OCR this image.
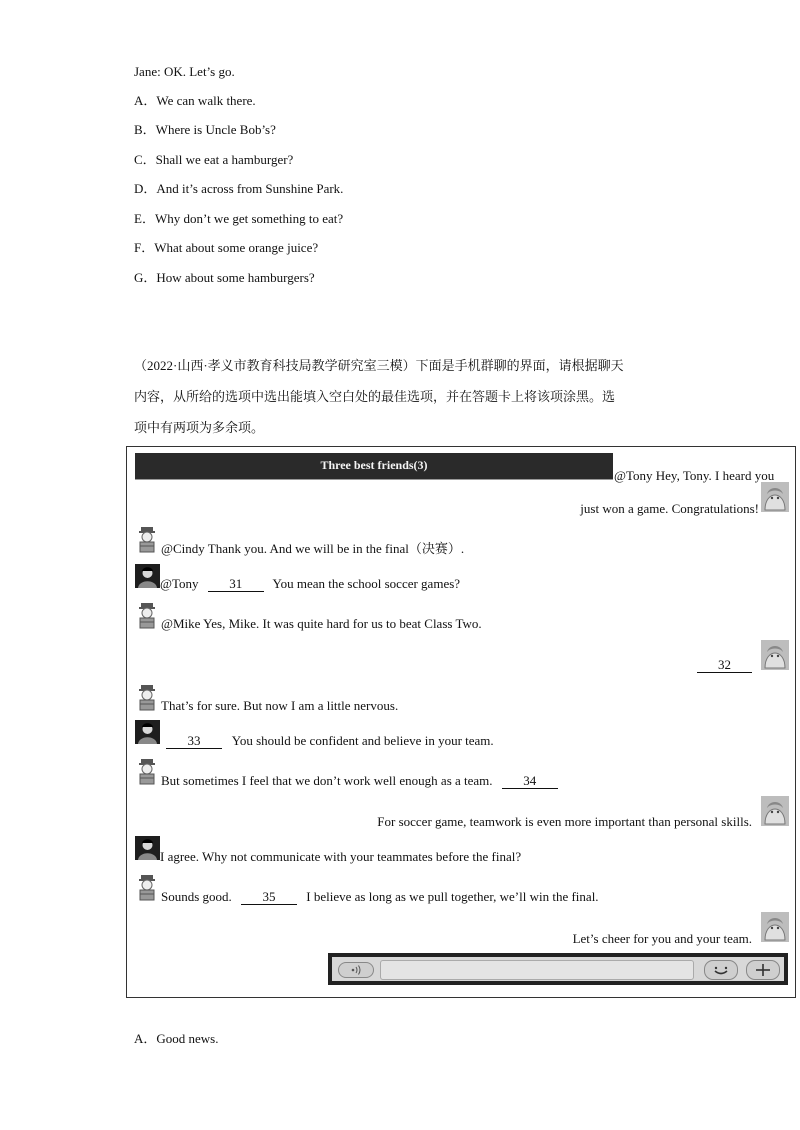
Jane: OK. Let’s go.
A．We can walk there.
B．Where is Uncle Bob’s?
C．Shall we eat a hamburger?
D．And it’s across from Sunshine Park.
E．Why don’t we get something to eat?
F．What about some orange juice?
G．How about some hamburgers?
（2022·山西·孝义市教育科技局教学研究室三模）下面是手机群聊的界面，请根据聊天
内容，从所给的选项中选出能填入空白处的最佳选项，并在答题卡上将该项涂黑。选
项中有两项为多余项。
Three best friends(3)
@Tony Hey, Tony. I heard you
just won a game. Congratulations!
@Cindy Thank you. And we will be in the final（决赛）.
@Tony 31 You mean the school soccer games?
@Mike Yes, Mike. It was quite hard for us to beat Class Two.
32
That’s for sure. But now I am a little nervous.
33 You should be confident and believe in your team.
But sometimes I feel that we don’t work well enough as a team. 34
For soccer game, teamwork is even more important than personal skills.
I agree. Why not communicate with your teammates before the final?
Sounds good. 35 I believe as long as we pull together, we’ll win the final.
Let’s cheer for you and your team.
A．Good news.
